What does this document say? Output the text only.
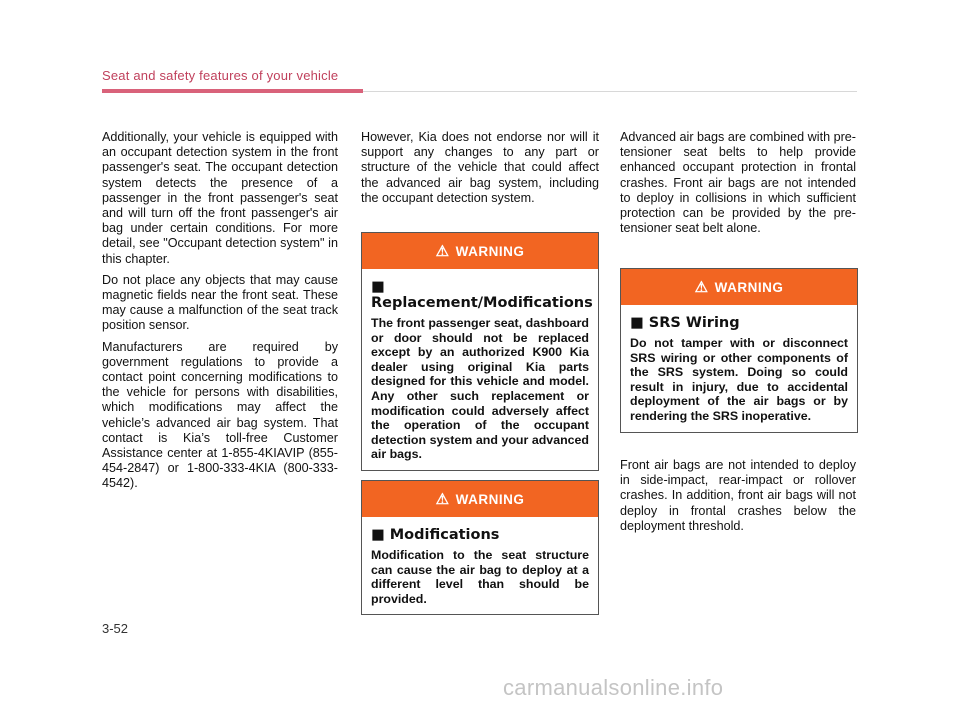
Seat and safety features of your vehicle

Additionally, your vehicle is equipped with an occupant detection system in the front passenger's seat. The occupant detection system detects the presence of a passenger in the front passenger's seat and will turn off the front passenger's air bag under certain conditions. For more detail, see "Occupant detection system" in this chapter.

Do not place any objects that may cause magnetic fields near the front seat. These may cause a malfunction of the seat track position sensor.

Manufacturers are required by government regulations to provide a contact point concerning modifications to the vehicle for persons with disabilities, which modifications may affect the vehicle’s advanced air bag system. That contact is Kia’s toll-free Customer Assistance center at 1-855-4KIAVIP (855-454-2847) or 1-800-333-4KIA (800-333-4542).

However, Kia does not endorse nor will it support any changes to any part or structure of the vehicle that could affect the advanced air bag system, including the occupant detection system.

⚠ WARNING
■ Replacement/Modifications
The front passenger seat, dashboard or door should not be replaced except by an authorized K900 Kia dealer using original Kia parts designed for this vehicle and model. Any other such replacement or modification could adversely affect the operation of the occupant detection system and your advanced air bags.
⚠ WARNING
■ Modifications
Modification to the seat structure can cause the air bag to deploy at a different level than should be provided.

Advanced air bags are combined with pre-tensioner seat belts to help provide enhanced occupant protection in frontal crashes. Front air bags are not intended to deploy in collisions in which sufficient protection can be provided by the pre-tensioner seat belt alone.

⚠ WARNING
■ SRS Wiring
Do not tamper with or disconnect SRS wiring or other components of the SRS system. Doing so could result in injury, due to accidental deployment of the air bags or by rendering the SRS inoperative.

Front air bags are not intended to deploy in side-impact, rear-impact or rollover crashes. In addition, front air bags will not deploy in frontal crashes below the deployment threshold.

3-52
carmanualsonline.info
